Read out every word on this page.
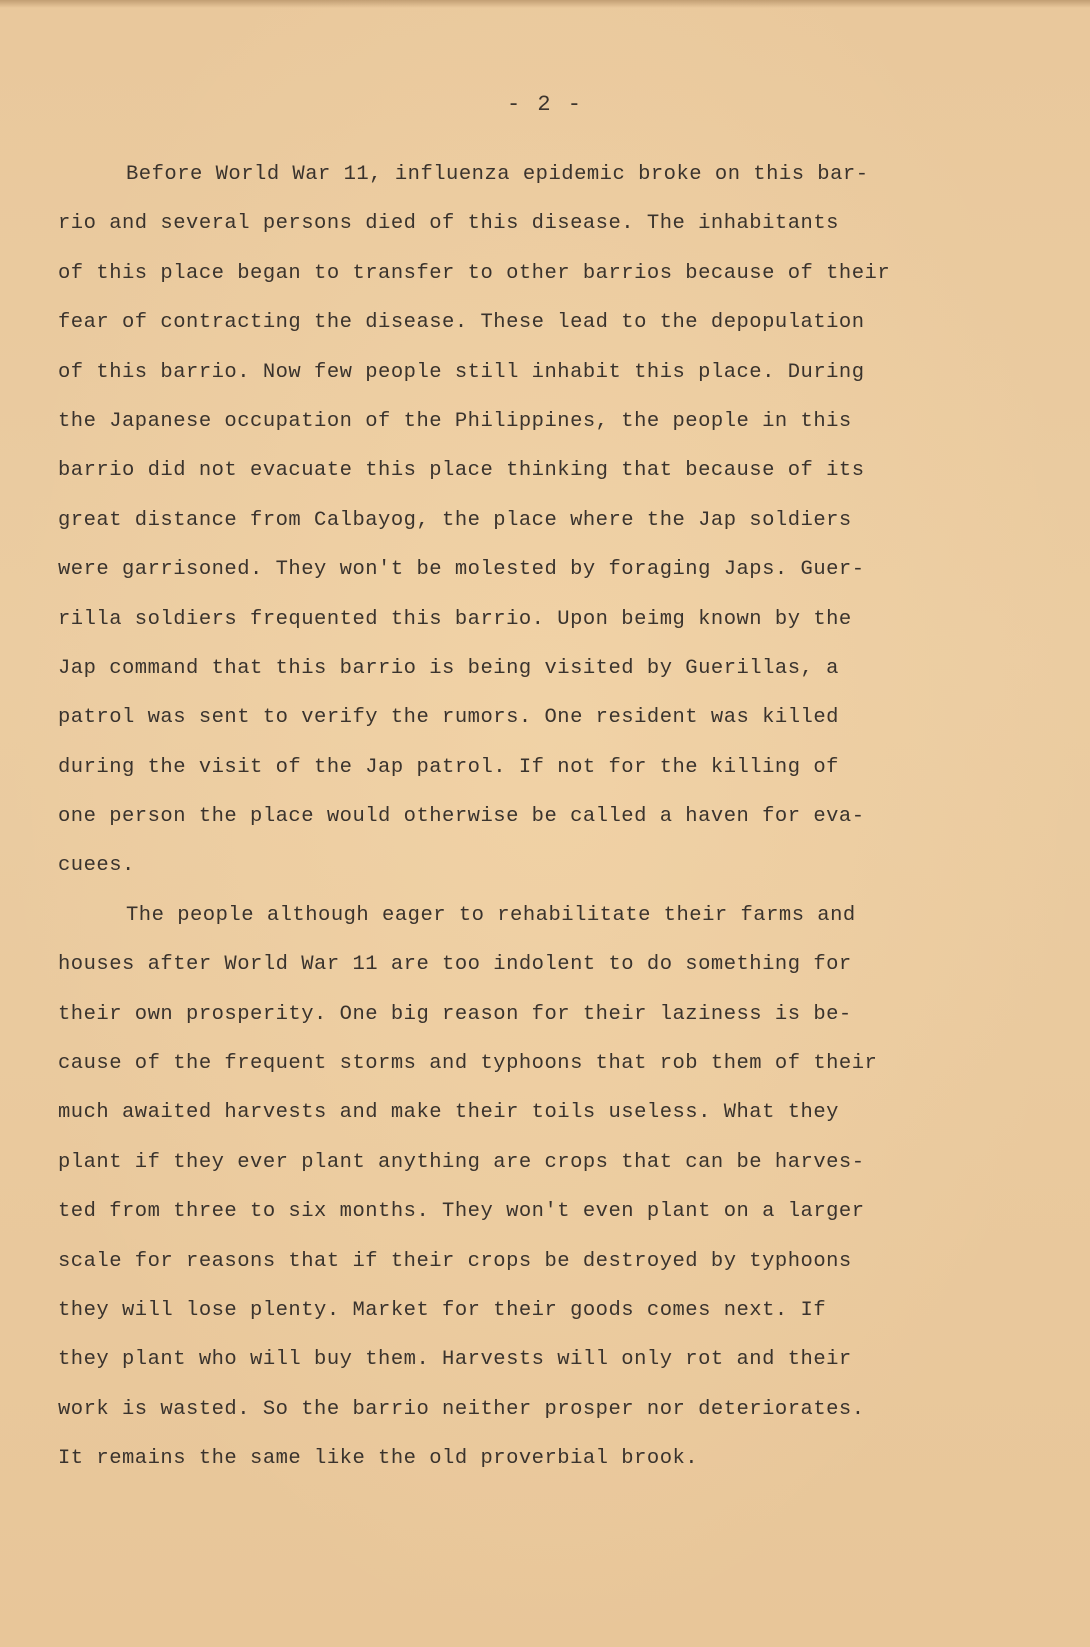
- 2 -
Before World War 11, influenza epidemic broke on this bar-
rio and several persons died of this disease. The inhabitants
of this place began to transfer to other barrios because of their
fear of contracting the disease. These lead to the depopulation
of this barrio. Now few people still inhabit this place. During
the Japanese occupation of the Philippines, the people in this
barrio did not evacuate this place thinking that because of its
great distance from Calbayog, the place where the Jap soldiers
were garrisoned. They won't be molested by foraging Japs. Guer-
rilla soldiers frequented this barrio. Upon beimg known by the
Jap command that this barrio is being visited by Guerillas, a
patrol was sent to verify the rumors. One resident was killed
during the visit of the Jap patrol. If not for the killing of
one person the place would otherwise be called a haven for eva-
cuees.
The people although eager to rehabilitate their farms and
houses after World War 11 are too indolent to do something for
their own prosperity. One big reason for their laziness is be-
cause of the frequent storms and typhoons that rob them of their
much awaited harvests and make their toils useless. What they
plant if they ever plant anything are crops that can be harves-
ted from three to six months. They won't even plant on a larger
scale for reasons that if their crops be destroyed by typhoons
they will lose plenty. Market for their goods comes next. If
they plant who will buy them. Harvests will only rot and their
work is wasted. So the barrio neither prosper nor deteriorates.
It remains the same like the old proverbial brook.
